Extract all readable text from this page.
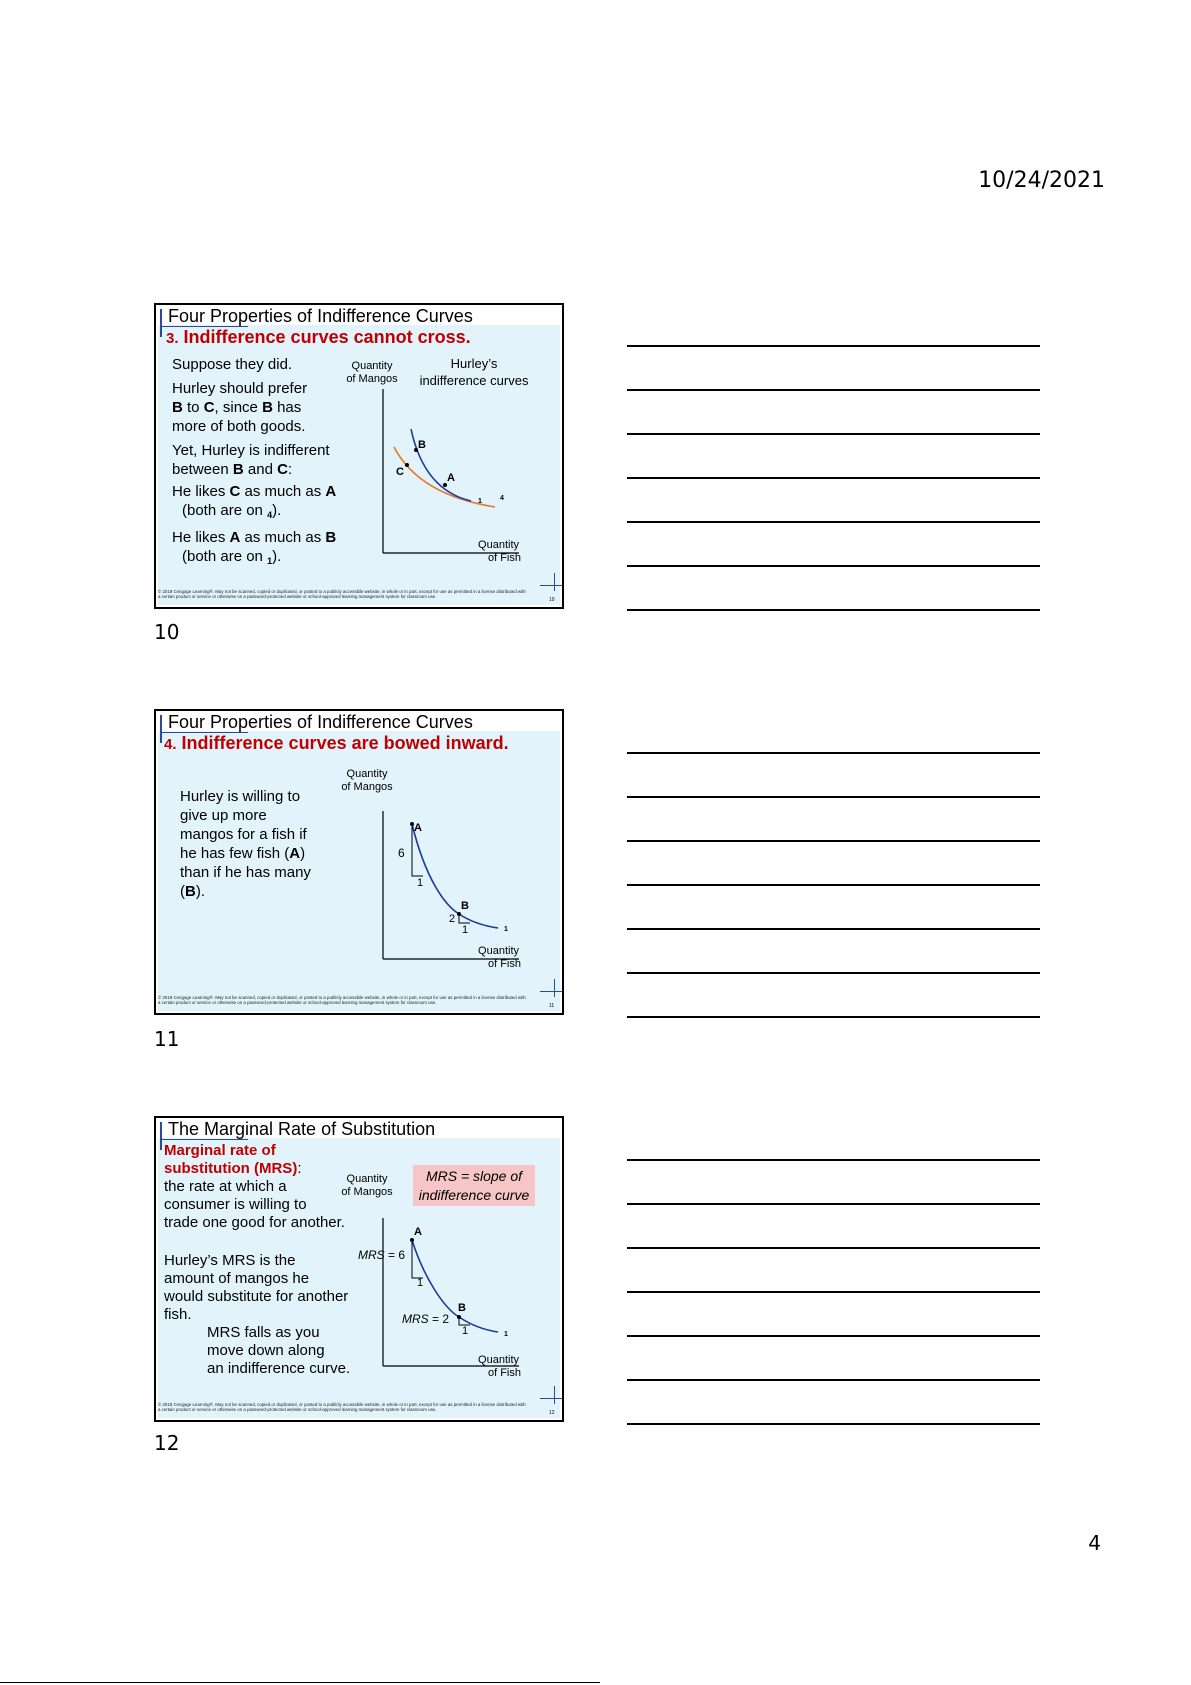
10/24/2021
Four Properties of Indifference Curves
3. Indifference curves cannot cross.
Suppose they did.
Hurley should prefer
B to C, since B has
more of both goods.
Yet, Hurley is indifferent
between B and C:
He likes C as much as A
(both are on $_4$).
He likes A as much as B
(both are on $_1$).
Quantity
of Mangos
Hurley’s
indifference curves
B
C	A
1	4
Quantity
of Fish
© 2018 Cengage Learning®. May not be scanned, copied or duplicated, or posted to a publicly accessible website, in whole or in part, except for use as permitted in a license distributed with a certain product or service or otherwise on a password-protected website or school-approved learning management system for classroom use.
10
10
Four Properties of Indifference Curves
4. Indifference curves are bowed inward.
Hurley is willing to
give up more
mangos for a fish if
he has few fish (A)
than if he has many
(B).
Quantity
of Mangos
A
B
6
1
2
1	1
Quantity
of Fish
© 2018 Cengage Learning®. May not be scanned, copied or duplicated, or posted to a publicly accessible website, in whole or in part, except for use as permitted in a license distributed with a certain product or service or otherwise on a password-protected website or school-approved learning management system for classroom use.
11
11
The Marginal Rate of Substitution
Marginal rate of
substitution (MRS):
the rate at which a
consumer is willing to
trade one good for another.
Hurley’s MRS is the
amount of mangos he
would substitute for another
fish.
MRS falls as you
move down along
an indifference curve.
MRS = slope of
indifference curve
Quantity
of Mangos
A
B
MRS = 6
1
MRS = 2
1	1
Quantity
of Fish
© 2018 Cengage Learning®. May not be scanned, copied or duplicated, or posted to a publicly accessible website, in whole or in part, except for use as permitted in a license distributed with a certain product or service or otherwise on a password-protected website or school-approved learning management system for classroom use.
12
12
4
